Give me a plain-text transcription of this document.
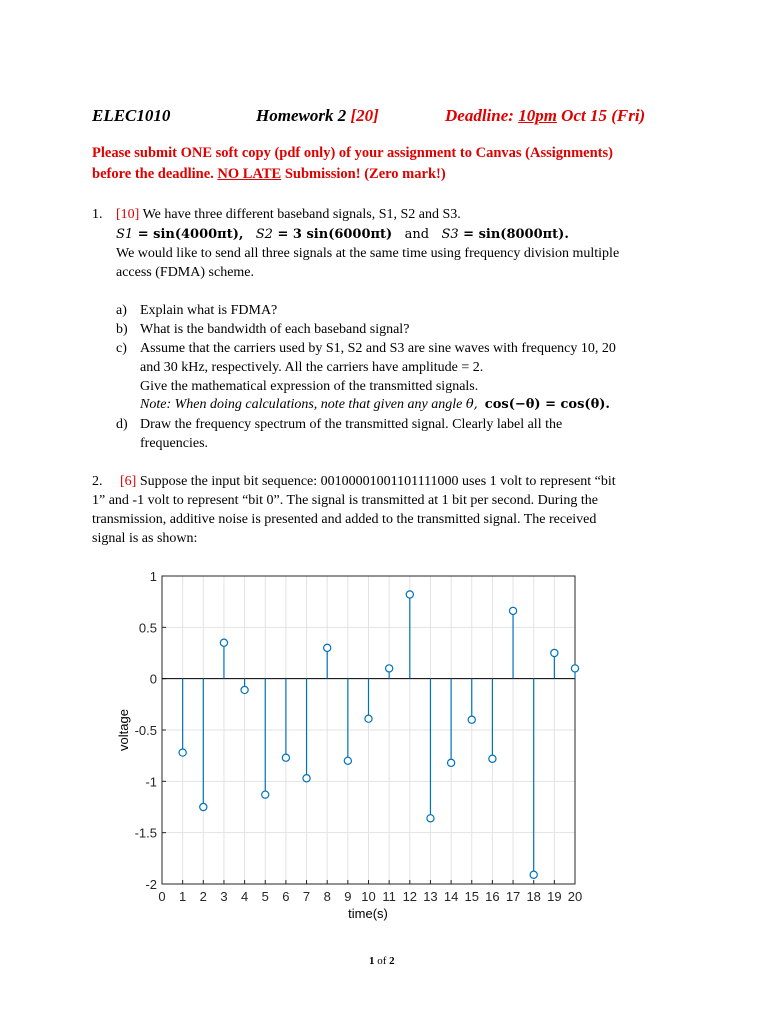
ELEC1010	Homework 2 [20]	Deadline: 10pm Oct 15 (Fri)
Please submit ONE soft copy (pdf only) of your assignment to Canvas (Assignments)
before the deadline. NO LATE Submission! (Zero mark!)
1. [10] We have three different baseband signals, S1, S2 and S3.
S1 = sin(4000πt), S2 = 3 sin(6000πt) and S3 = sin(8000πt).
We would like to send all three signals at the same time using frequency division multiple
access (FDMA) scheme.
a) Explain what is FDMA?
b) What is the bandwidth of each baseband signal?
c) Assume that the carriers used by S1, S2 and S3 are sine waves with frequency 10, 20
and 30 kHz, respectively. All the carriers have amplitude = 2.
Give the mathematical expression of the transmitted signals.
Note: When doing calculations, note that given any angle θ, cos(−θ) = cos(θ).
d) Draw the frequency spectrum of the transmitted signal. Clearly label all the
frequencies.
2. [6] Suppose the input bit sequence: 00100001001101111000 uses 1 volt to represent “bit
1” and -1 volt to represent “bit 0”. The signal is transmitted at 1 bit per second. During the
transmission, additive noise is presented and added to the transmitted signal. The received
signal is as shown:
0 1 2 3 4 5 6 7 8 9 10 11 12 13 14 15 16 17 18 19 20
1
0.5
0
-0.5
-1
-1.5
-2
time(s)
voltage
1 of 2
